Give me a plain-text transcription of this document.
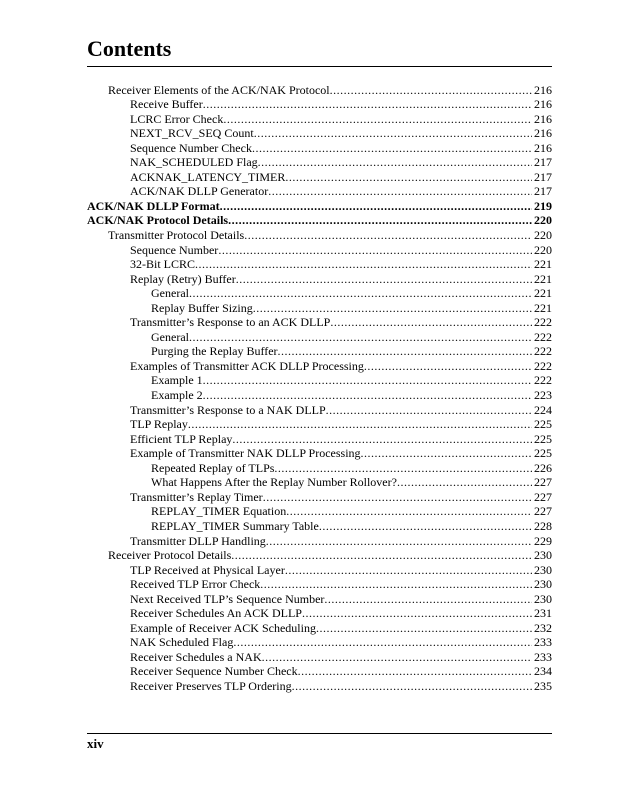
Contents
Receiver Elements of the ACK/NAK Protocol .....	216
Receive Buffer .....	216
LCRC Error Check .....	216
NEXT_RCV_SEQ Count .....	216
Sequence Number Check .....	216
NAK_SCHEDULED Flag .....	217
ACKNAK_LATENCY_TIMER .....	217
ACK/NAK DLLP Generator .....	217
ACK/NAK DLLP Format .....	219
ACK/NAK Protocol Details .....	220
Transmitter Protocol Details .....	220
Sequence Number .....	220
32-Bit LCRC .....	221
Replay (Retry) Buffer .....	221
General .....	221
Replay Buffer Sizing .....	221
Transmitter’s Response to an ACK DLLP .....	222
General .....	222
Purging the Replay Buffer .....	222
Examples of Transmitter ACK DLLP Processing .....	222
Example 1 .....	222
Example 2 .....	223
Transmitter’s Response to a NAK DLLP .....	224
TLP Replay .....	225
Efficient TLP Replay .....	225
Example of Transmitter NAK DLLP Processing .....	225
Repeated Replay of TLPs .....	226
What Happens After the Replay Number Rollover? .....	227
Transmitter’s Replay Timer .....	227
REPLAY_TIMER Equation .....	227
REPLAY_TIMER Summary Table .....	228
Transmitter DLLP Handling .....	229
Receiver Protocol Details .....	230
TLP Received at Physical Layer .....	230
Received TLP Error Check .....	230
Next Received TLP’s Sequence Number .....	230
Receiver Schedules An ACK DLLP .....	231
Example of Receiver ACK Scheduling .....	232
NAK Scheduled Flag .....	233
Receiver Schedules a NAK .....	233
Receiver Sequence Number Check .....	234
Receiver Preserves TLP Ordering .....	235
xiv
